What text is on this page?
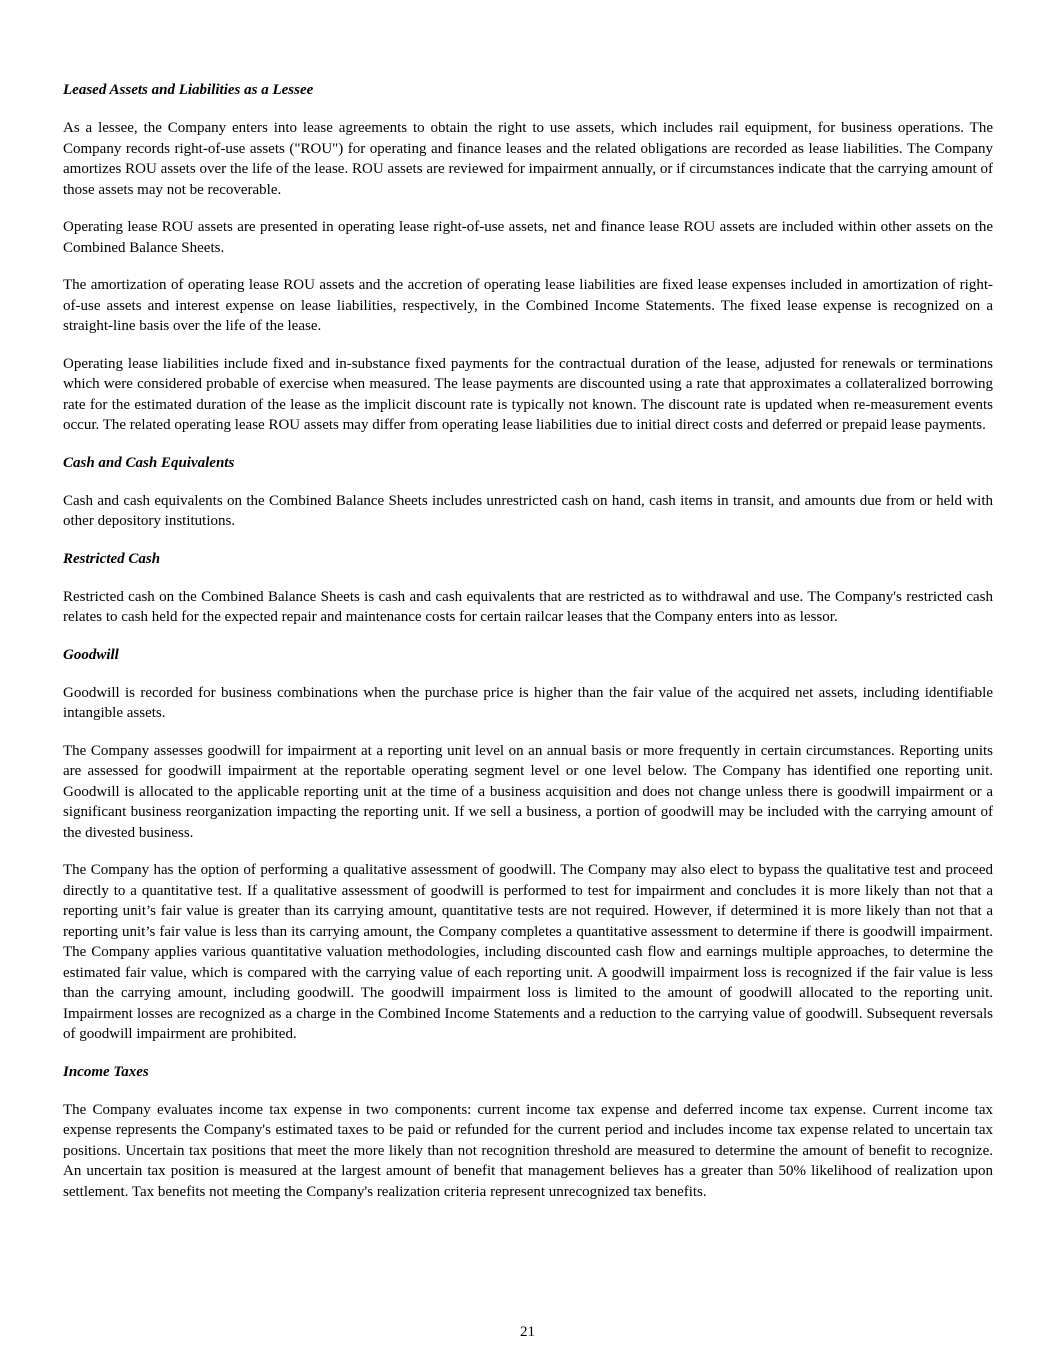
Leased Assets and Liabilities as a Lessee

As a lessee, the Company enters into lease agreements to obtain the right to use assets, which includes rail equipment, for business operations. The Company records right-of-use assets ("ROU") for operating and finance leases and the related obligations are recorded as lease liabilities. The Company amortizes ROU assets over the life of the lease. ROU assets are reviewed for impairment annually, or if circumstances indicate that the carrying amount of those assets may not be recoverable.

Operating lease ROU assets are presented in operating lease right-of-use assets, net and finance lease ROU assets are included within other assets on the Combined Balance Sheets.

The amortization of operating lease ROU assets and the accretion of operating lease liabilities are fixed lease expenses included in amortization of right-of-use assets and interest expense on lease liabilities, respectively, in the Combined Income Statements. The fixed lease expense is recognized on a straight-line basis over the life of the lease.

Operating lease liabilities include fixed and in-substance fixed payments for the contractual duration of the lease, adjusted for renewals or terminations which were considered probable of exercise when measured. The lease payments are discounted using a rate that approximates a collateralized borrowing rate for the estimated duration of the lease as the implicit discount rate is typically not known. The discount rate is updated when re-measurement events occur. The related operating lease ROU assets may differ from operating lease liabilities due to initial direct costs and deferred or prepaid lease payments.

Cash and Cash Equivalents

Cash and cash equivalents on the Combined Balance Sheets includes unrestricted cash on hand, cash items in transit, and amounts due from or held with other depository institutions.

Restricted Cash

Restricted cash on the Combined Balance Sheets is cash and cash equivalents that are restricted as to withdrawal and use. The Company's restricted cash relates to cash held for the expected repair and maintenance costs for certain railcar leases that the Company enters into as lessor.

Goodwill

Goodwill is recorded for business combinations when the purchase price is higher than the fair value of the acquired net assets, including identifiable intangible assets.

The Company assesses goodwill for impairment at a reporting unit level on an annual basis or more frequently in certain circumstances. Reporting units are assessed for goodwill impairment at the reportable operating segment level or one level below. The Company has identified one reporting unit. Goodwill is allocated to the applicable reporting unit at the time of a business acquisition and does not change unless there is goodwill impairment or a significant business reorganization impacting the reporting unit. If we sell a business, a portion of goodwill may be included with the carrying amount of the divested business.

The Company has the option of performing a qualitative assessment of goodwill. The Company may also elect to bypass the qualitative test and proceed directly to a quantitative test. If a qualitative assessment of goodwill is performed to test for impairment and concludes it is more likely than not that a reporting unit’s fair value is greater than its carrying amount, quantitative tests are not required. However, if determined it is more likely than not that a reporting unit’s fair value is less than its carrying amount, the Company completes a quantitative assessment to determine if there is goodwill impairment. The Company applies various quantitative valuation methodologies, including discounted cash flow and earnings multiple approaches, to determine the estimated fair value, which is compared with the carrying value of each reporting unit. A goodwill impairment loss is recognized if the fair value is less than the carrying amount, including goodwill. The goodwill impairment loss is limited to the amount of goodwill allocated to the reporting unit. Impairment losses are recognized as a charge in the Combined Income Statements and a reduction to the carrying value of goodwill. Subsequent reversals of goodwill impairment are prohibited.

Income Taxes

The Company evaluates income tax expense in two components: current income tax expense and deferred income tax expense. Current income tax expense represents the Company's estimated taxes to be paid or refunded for the current period and includes income tax expense related to uncertain tax positions. Uncertain tax positions that meet the more likely than not recognition threshold are measured to determine the amount of benefit to recognize. An uncertain tax position is measured at the largest amount of benefit that management believes has a greater than 50% likelihood of realization upon settlement. Tax benefits not meeting the Company's realization criteria represent unrecognized tax benefits.

21
